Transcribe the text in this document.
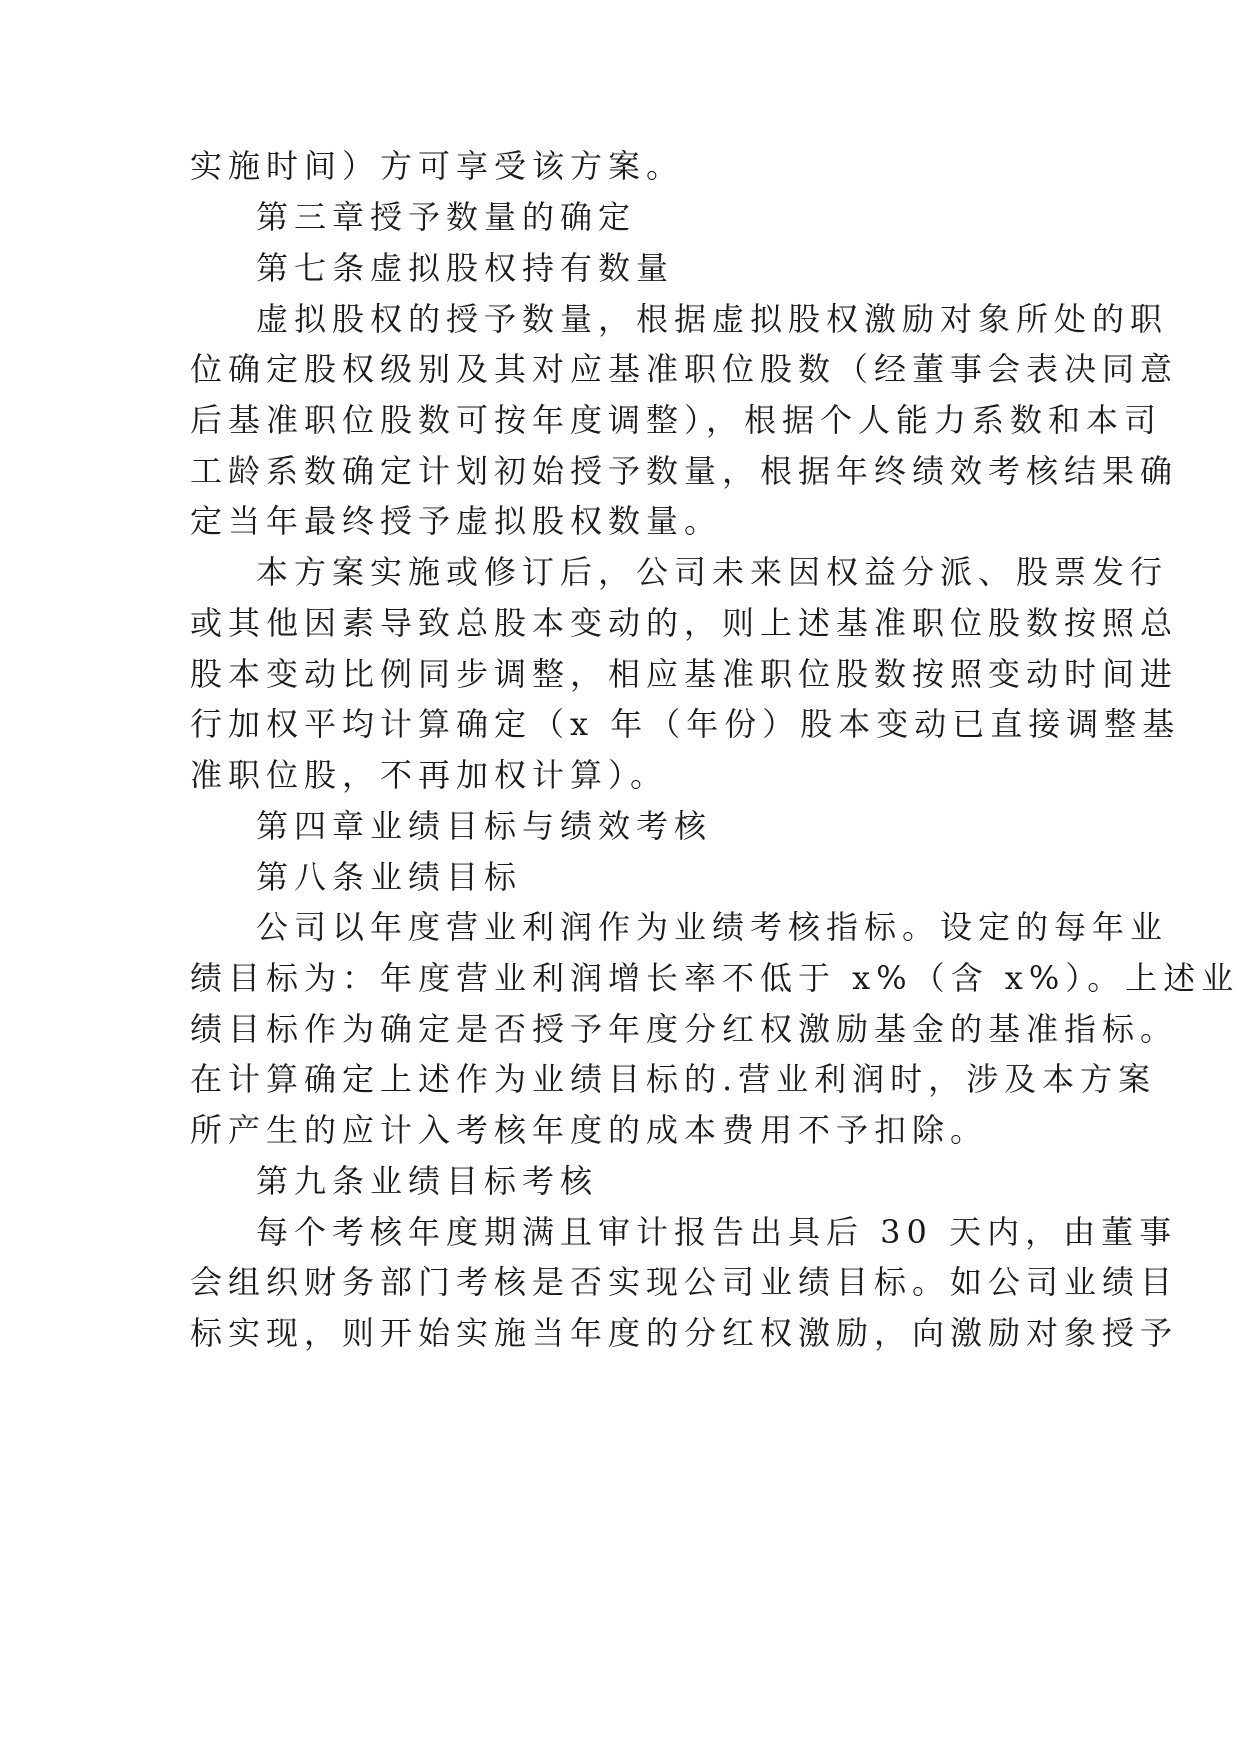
实施时间）方可享受该方案。
第三章授予数量的确定
第七条虚拟股权持有数量
虚拟股权的授予数量，根据虚拟股权激励对象所处的职
位确定股权级别及其对应基准职位股数（经董事会表决同意
后基准职位股数可按年度调整），根据个人能力系数和本司
工龄系数确定计划初始授予数量，根据年终绩效考核结果确
定当年最终授予虚拟股权数量。
本方案实施或修订后，公司未来因权益分派、股票发行
或其他因素导致总股本变动的，则上述基准职位股数按照总
股本变动比例同步调整，相应基准职位股数按照变动时间进
行加权平均计算确定（x 年（年份）股本变动已直接调整基
准职位股，不再加权计算）。
第四章业绩目标与绩效考核
第八条业绩目标
公司以年度营业利润作为业绩考核指标。设定的每年业
绩目标为：年度营业利润增长率不低于 x%（含 x%）。上述业
绩目标作为确定是否授予年度分红权激励基金的基准指标。
在计算确定上述作为业绩目标的.营业利润时，涉及本方案
所产生的应计入考核年度的成本费用不予扣除。
第九条业绩目标考核
每个考核年度期满且审计报告出具后 30 天内，由董事
会组织财务部门考核是否实现公司业绩目标。如公司业绩目
标实现，则开始实施当年度的分红权激励，向激励对象授予
